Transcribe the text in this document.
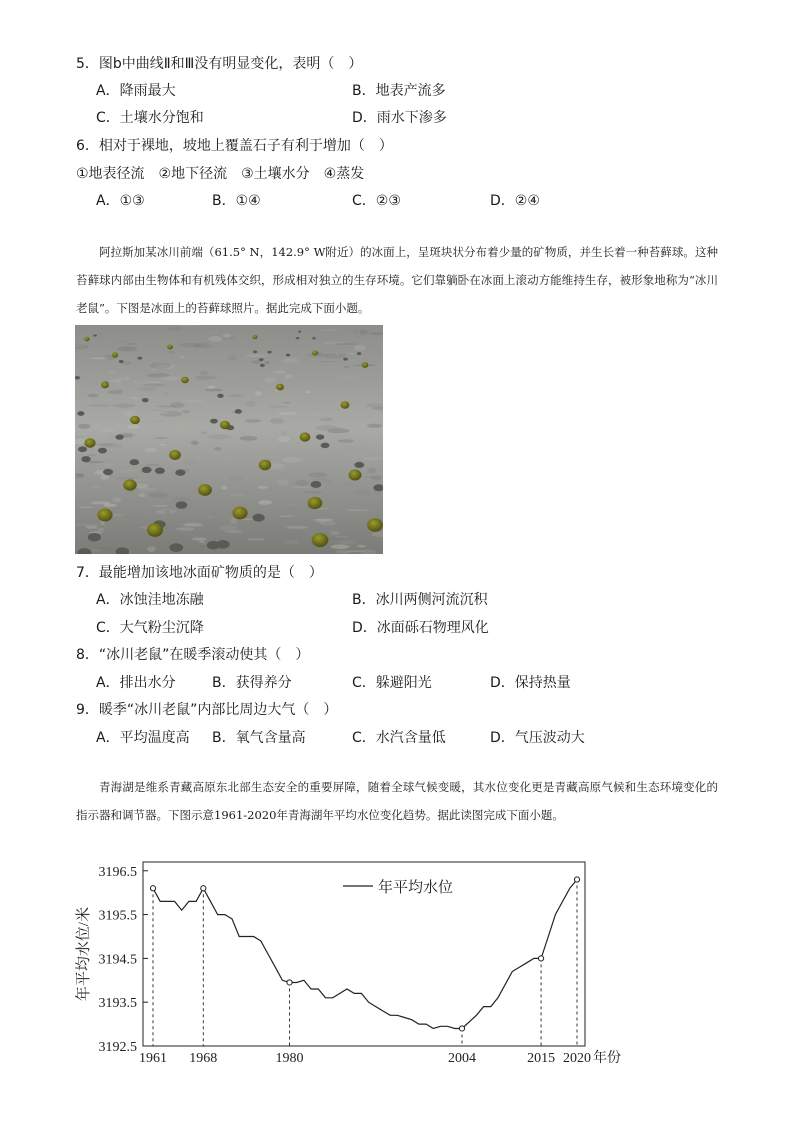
5．图b中曲线Ⅱ和Ⅲ没有明显变化，表明（　）
A．降雨最大	B．地表产流多
C．土壤水分饱和	D．雨水下渗多
6．相对于裸地，坡地上覆盖石子有利于增加（　）
①地表径流　②地下径流　③土壤水分　④蒸发
A．①③	B．①④	C．②③	D．②④

阿拉斯加某冰川前端（61.5° N，142.9° W附近）的冰面上，呈斑块状分布着少量的矿物质，并生长着一种苔藓球。这种苔藓球内部由生物体和有机残体交织，形成相对独立的生存环境。它们靠躺卧在冰面上滚动方能维持生存，被形象地称为“冰川老鼠”。下图是冰面上的苔藓球照片。据此完成下面小题。

7．最能增加该地冰面矿物质的是（　）
A．冰蚀洼地冻融	B．冰川两侧河流沉积
C．大气粉尘沉降	D．冰面砾石物理风化
8．“冰川老鼠”在暖季滚动使其（　）
A．排出水分	B．获得养分	C．躲避阳光	D．保持热量
9．暖季“冰川老鼠”内部比周边大气（　）
A．平均温度高 B．氧气含量高	C．水汽含量低	D．气压波动大

青海湖是维系青藏高原东北部生态安全的重要屏障，随着全球气候变暖，其水位变化更是青藏高原气候和生态环境变化的指示器和调节器。下图示意1961-2020年青海湖年平均水位变化趋势。据此读图完成下面小题。

3196.5
3195.5
3194.5
3193.5
3192.5
1961 1968	1980	2004	2015 2020
年平均水位
年平均水位/米
年份
